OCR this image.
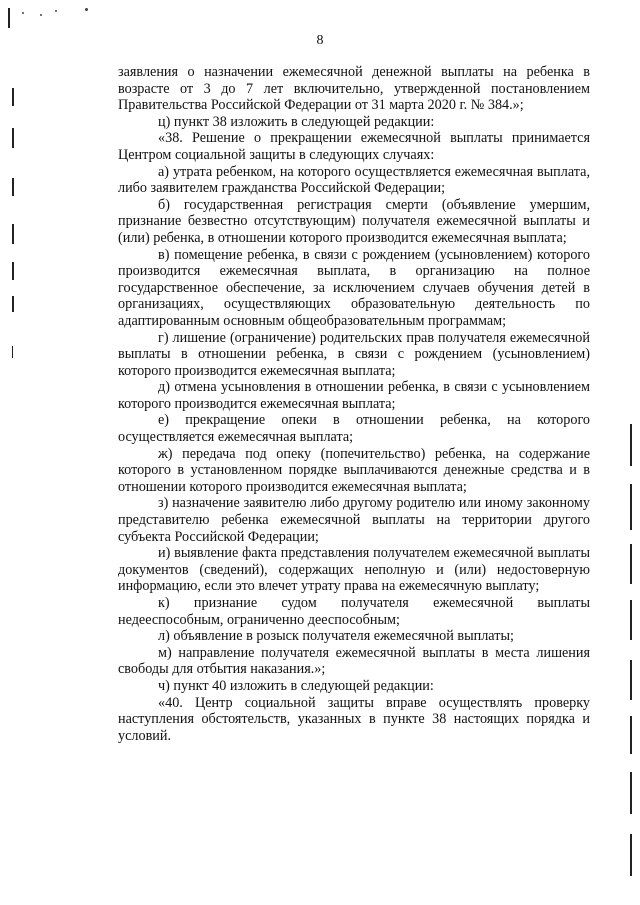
8

заявления о назначении ежемесячной денежной выплаты на ребенка в возрасте от 3 до 7 лет включительно, утвержденной постановлением Правительства Российской Федерации от 31 марта 2020 г. № 384.»;

ц) пункт 38 изложить в следующей редакции:

«38. Решение о прекращении ежемесячной выплаты принимается Центром социальной защиты в следующих случаях:

а) утрата ребенком, на которого осуществляется ежемесячная выплата, либо заявителем гражданства Российской Федерации;

б) государственная регистрация смерти (объявление умершим, признание безвестно отсутствующим) получателя ежемесячной выплаты и (или) ребенка, в отношении которого производится ежемесячная выплата;

в) помещение ребенка, в связи с рождением (усыновлением) которого производится ежемесячная выплата, в организацию на полное государственное обеспечение, за исключением случаев обучения детей в организациях, осуществляющих образовательную деятельность по адаптированным основным общеобразовательным программам;

г) лишение (ограничение) родительских прав получателя ежемесячной выплаты в отношении ребенка, в связи с рождением (усыновлением) которого производится ежемесячная выплата;

д) отмена усыновления в отношении ребенка, в связи с усыновлением которого производится ежемесячная выплата;

е) прекращение опеки в отношении ребенка, на которого осуществляется ежемесячная выплата;

ж) передача под опеку (попечительство) ребенка, на содержание которого в установленном порядке выплачиваются денежные средства и в отношении которого производится ежемесячная выплата;

з) назначение заявителю либо другому родителю или иному законному представителю ребенка ежемесячной выплаты на территории другого субъекта Российской Федерации;

и) выявление факта представления получателем ежемесячной выплаты документов (сведений), содержащих неполную и (или) недостоверную информацию, если это влечет утрату права на ежемесячную выплату;

к) признание судом получателя ежемесячной выплаты недееспособным, ограниченно дееспособным;

л) объявление в розыск получателя ежемесячной выплаты;

м) направление получателя ежемесячной выплаты в места лишения свободы для отбытия наказания.»;

ч) пункт 40 изложить в следующей редакции:

«40. Центр социальной защиты вправе осуществлять проверку наступления обстоятельств, указанных в пункте 38 настоящих порядка и условий.
